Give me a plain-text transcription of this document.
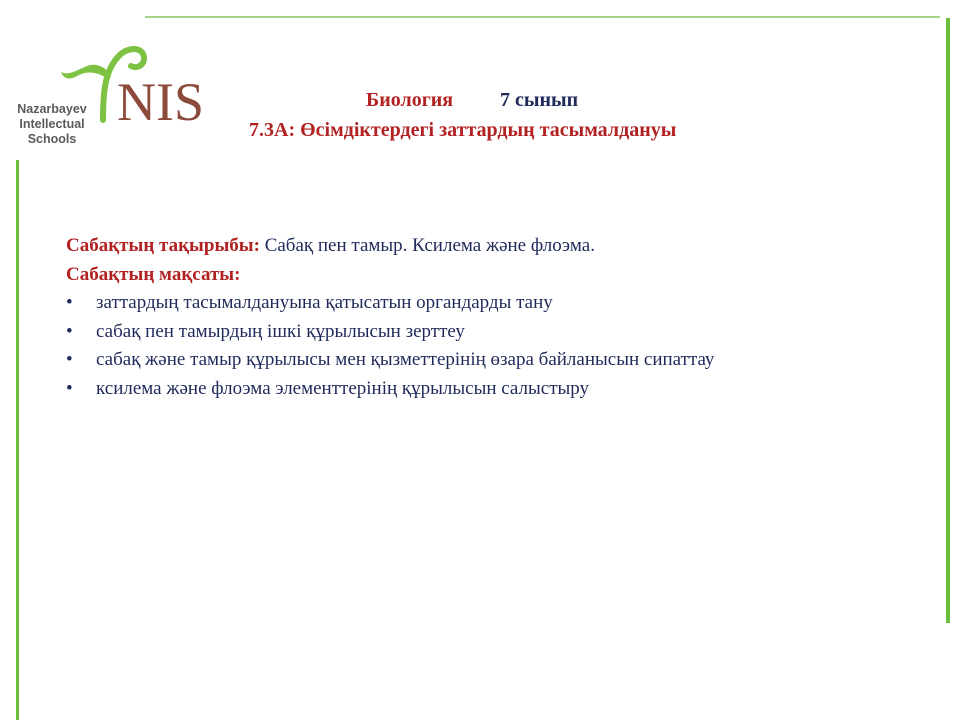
NIS
Nazarbayev
Intellectual
Schools
Биология 7 сынып
7.3А: Өсімдіктердегі заттардың тасымалдануы
Сабақтың тақырыбы: Сабақ пен тамыр. Ксилема және флоэма.
Сабақтың мақсаты:
• заттардың тасымалдануына қатысатын органдарды тану
• сабақ пен тамырдың ішкі құрылысын зерттеу
• сабақ және тамыр құрылысы мен қызметтерінің өзара байланысын сипаттау
• ксилема және флоэма элементтерінің құрылысын салыстыру
